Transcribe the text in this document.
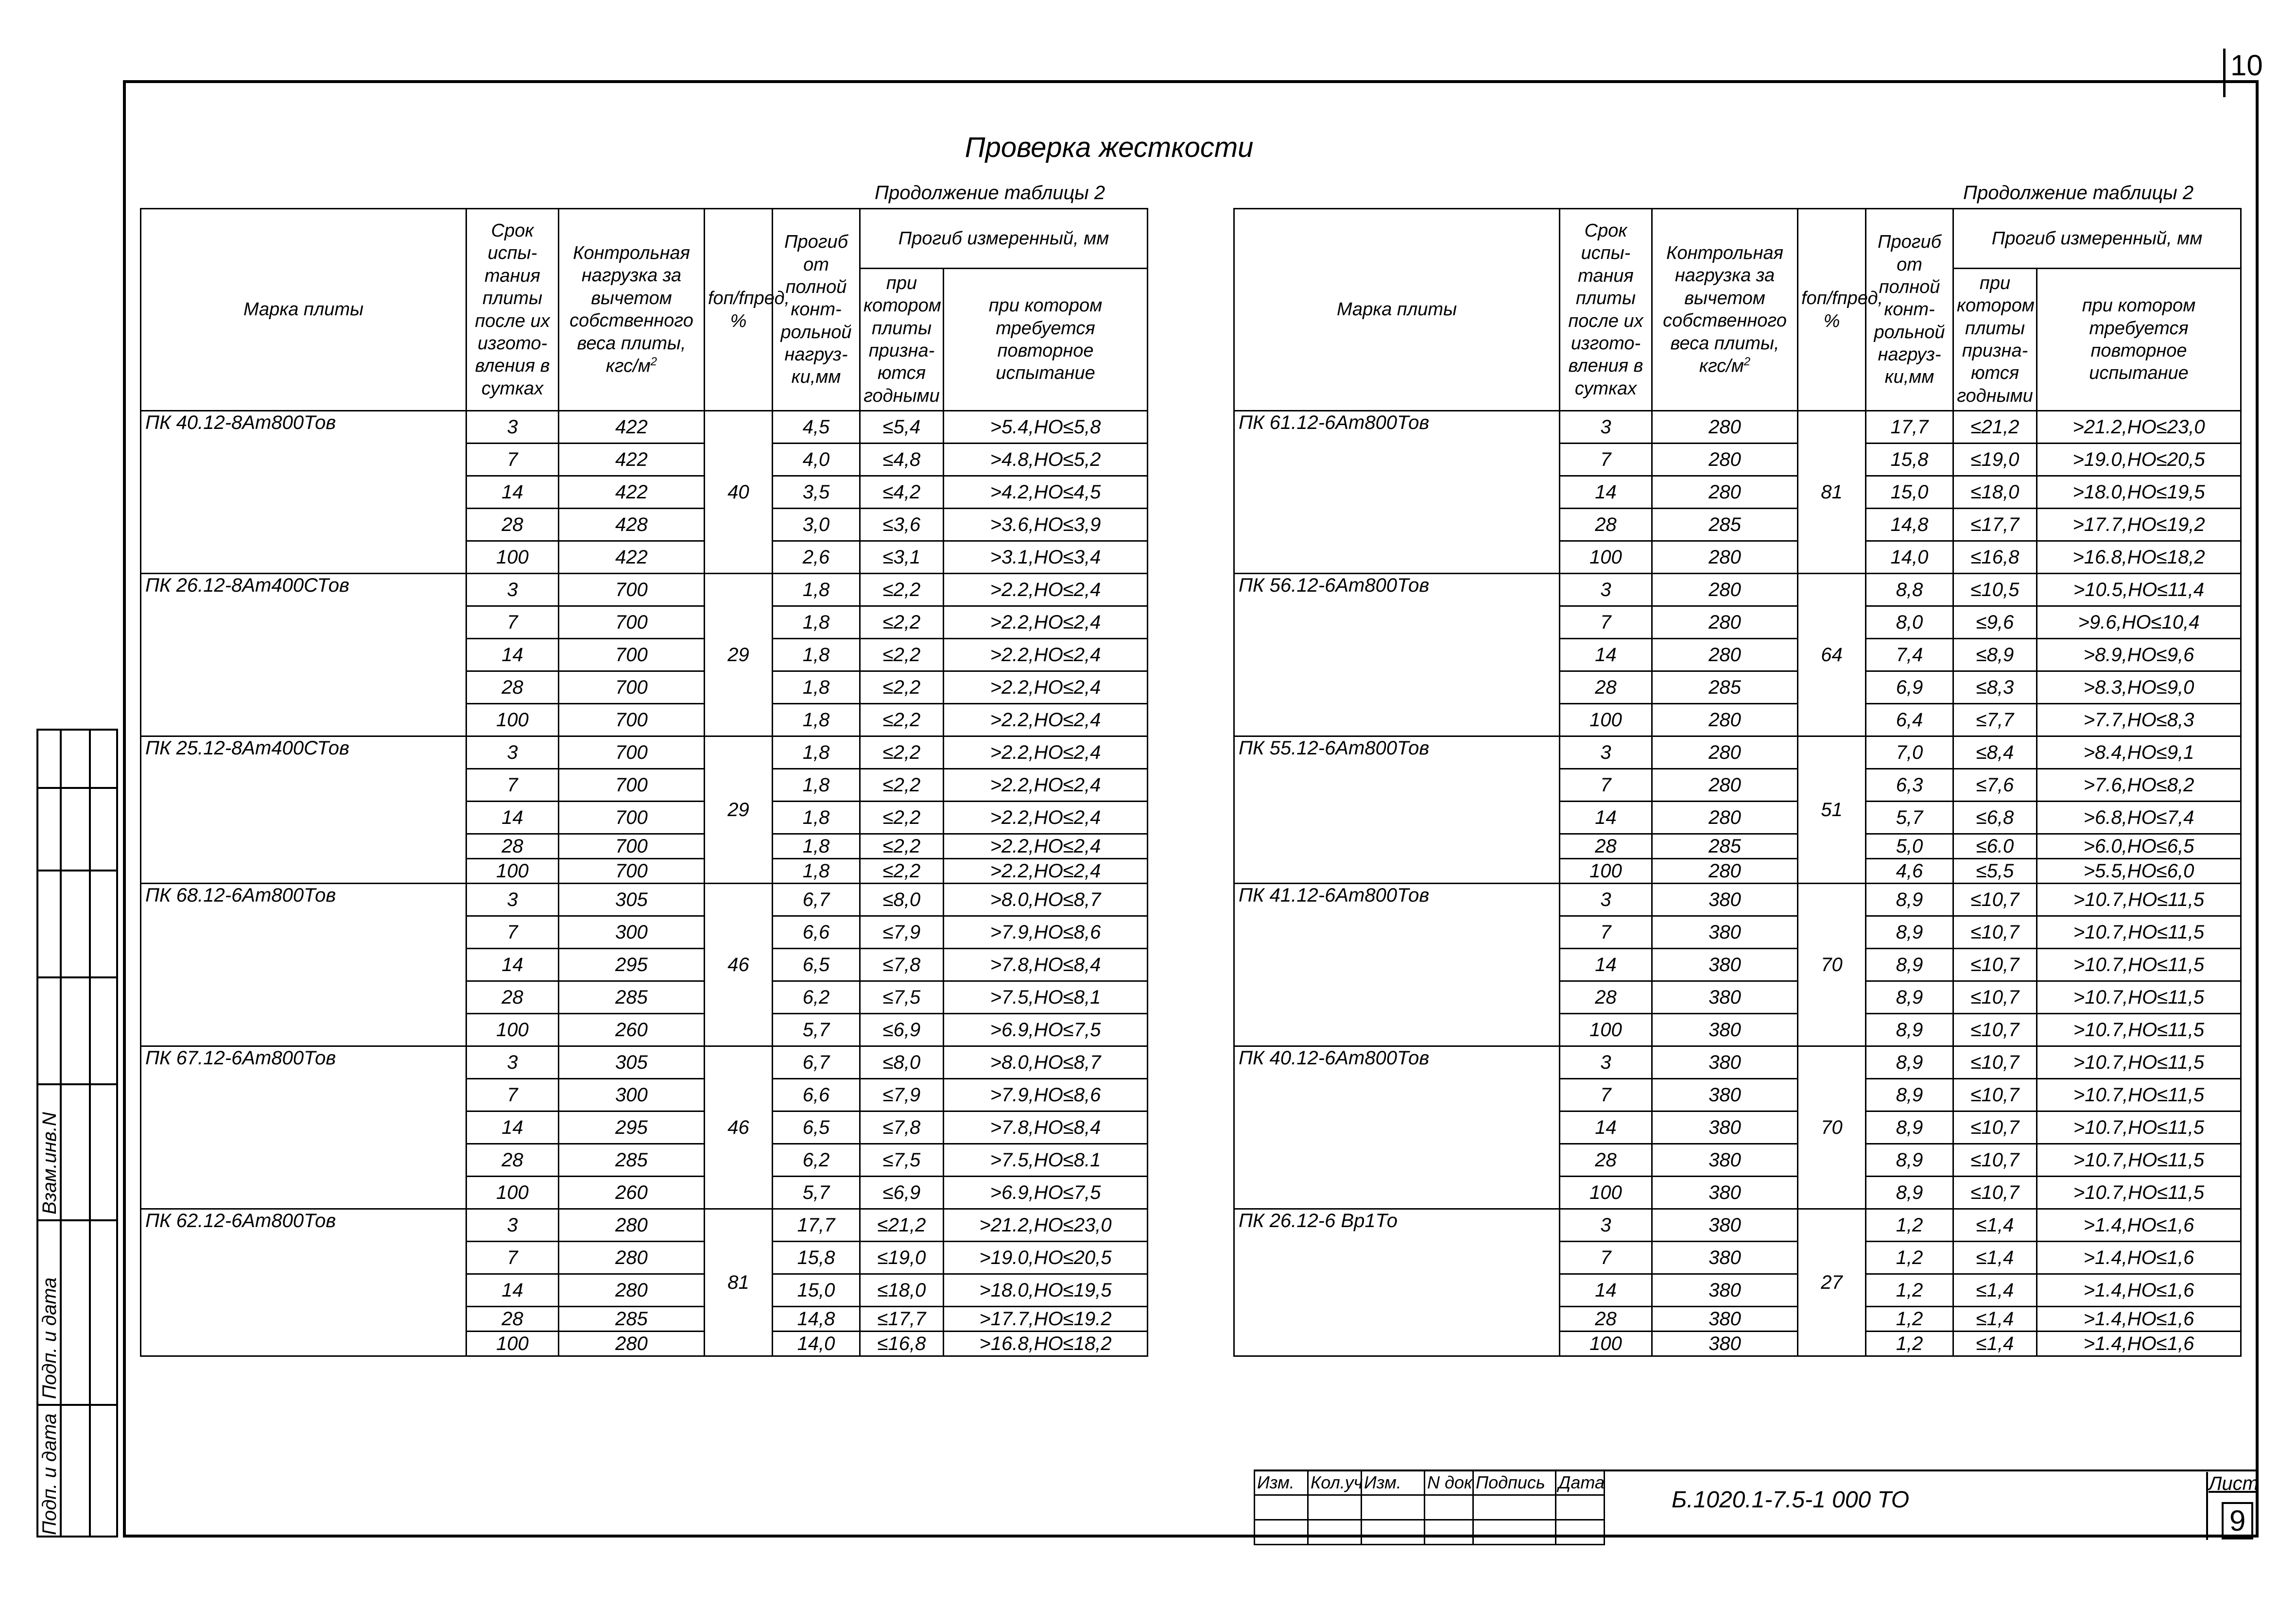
10
Проверка жесткости
Продолжение таблицы 2	Продолжение таблицы 2
Марка плиты	Срок испы-тания плиты после их изгото-вления в сутках	Контрольная нагрузка за вычетом собственного веса плиты, кгс/$м^2$	fоп/fпред, %	Прогиб от полной конт-рольной нагруз-ки,мм	Прогиб измеренный, мм	
					при котором плиты призна-ются годными	при котором требуется повторное испытание
ПК 40.12-8Ат800Тов	3	422	40	4,5	≤5,4	>5.4,НО≤5,8
	7	422		4,0	≤4,8	>4.8,НО≤5,2
	14	422		3,5	≤4,2	>4.2,НО≤4,5
	28	428		3,0	≤3,6	>3.6,НО≤3,9
	100	422		2,6	≤3,1	>3.1,НО≤3,4
ПК 26.12-8Ат400СТов	3	700	29	1,8	≤2,2	>2.2,НО≤2,4
	7	700		1,8	≤2,2	>2.2,НО≤2,4
	14	700		1,8	≤2,2	>2.2,НО≤2,4
	28	700		1,8	≤2,2	>2.2,НО≤2,4
	100	700		1,8	≤2,2	>2.2,НО≤2,4
ПК 25.12-8Ат400СТов	3	700	29	1,8	≤2,2	>2.2,НО≤2,4
	7	700		1,8	≤2,2	>2.2,НО≤2,4
	14	700		1,8	≤2,2	>2.2,НО≤2,4
	28	700		1,8	≤2,2	>2.2,НО≤2,4
	100	700		1,8	≤2,2	>2.2,НО≤2,4
ПК 68.12-6Ат800Тов	3	305	46	6,7	≤8,0	>8.0,НО≤8,7
	7	300		6,6	≤7,9	>7.9,НО≤8,6
	14	295		6,5	≤7,8	>7.8,НО≤8,4
	28	285		6,2	≤7,5	>7.5,НО≤8,1
	100	260		5,7	≤6,9	>6.9,НО≤7,5
ПК 67.12-6Ат800Тов	3	305	46	6,7	≤8,0	>8.0,НО≤8,7
	7	300		6,6	≤7,9	>7.9,НО≤8,6
	14	295		6,5	≤7,8	>7.8,НО≤8,4
	28	285		6,2	≤7,5	>7.5,НО≤8.1
	100	260		5,7	≤6,9	>6.9,НО≤7,5
ПК 62.12-6Ат800Тов	3	280	81	17,7	≤21,2	>21.2,НО≤23,0
	7	280		15,8	≤19,0	>19.0,НО≤20,5
	14	280		15,0	≤18,0	>18.0,НО≤19,5
	28	285		14,8	≤17,7	>17.7,НО≤19.2
	100	280		14,0	≤16,8	>16.8,НО≤18,2
Марка плиты	Срок испы-тания плиты после их изгото-вления в сутках	Контрольная нагрузка за вычетом собственного веса плиты, кгс/$м^2$	fоп/fпред, %	Прогиб от полной конт-рольной нагруз-ки,мм	Прогиб измеренный, мм	
					при котором плиты призна-ются годными	при котором требуется повторное испытание
ПК 61.12-6Ат800Тов	3	280	81	17,7	≤21,2	>21.2,НО≤23,0
	7	280		15,8	≤19,0	>19.0,НО≤20,5
	14	280		15,0	≤18,0	>18.0,НО≤19,5
	28	285		14,8	≤17,7	>17.7,НО≤19,2
	100	280		14,0	≤16,8	>16.8,НО≤18,2
ПК 56.12-6Ат800Тов	3	280	64	8,8	≤10,5	>10.5,НО≤11,4
	7	280		8,0	≤9,6	>9.6,НО≤10,4
	14	280		7,4	≤8,9	>8.9,НО≤9,6
	28	285		6,9	≤8,3	>8.3,НО≤9,0
	100	280		6,4	≤7,7	>7.7,НО≤8,3
ПК 55.12-6Ат800Тов	3	280	51	7,0	≤8,4	>8.4,НО≤9,1
	7	280		6,3	≤7,6	>7.6,НО≤8,2
	14	280		5,7	≤6,8	>6.8,НО≤7,4
	28	285		5,0	≤6.0	>6.0,НО≤6,5
	100	280		4,6	≤5,5	>5.5,НО≤6,0
ПК 41.12-6Ат800Тов	3	380	70	8,9	≤10,7	>10.7,НО≤11,5
	7	380		8,9	≤10,7	>10.7,НО≤11,5
	14	380		8,9	≤10,7	>10.7,НО≤11,5
	28	380		8,9	≤10,7	>10.7,НО≤11,5
	100	380		8,9	≤10,7	>10.7,НО≤11,5
ПК 40.12-6Ат800Тов	3	380	70	8,9	≤10,7	>10.7,НО≤11,5
	7	380		8,9	≤10,7	>10.7,НО≤11,5
	14	380		8,9	≤10,7	>10.7,НО≤11,5
	28	380		8,9	≤10,7	>10.7,НО≤11,5
	100	380		8,9	≤10,7	>10.7,НО≤11,5
ПК 26.12-6 Вр1То	3	380	27	1,2	≤1,4	>1.4,НО≤1,6
	7	380		1,2	≤1,4	>1.4,НО≤1,6
	14	380		1,2	≤1,4	>1.4,НО≤1,6
	28	380		1,2	≤1,4	>1.4,НО≤1,6
	100	380		1,2	≤1,4	>1.4,НО≤1,6
Взам.инв.N
Подп. и дата
Подп. и дата	Изм.	Кол.уч	Изм.	N док	Подпись	Дата

Б.1020.1-7.5-1 000 ТО
Лист
9
